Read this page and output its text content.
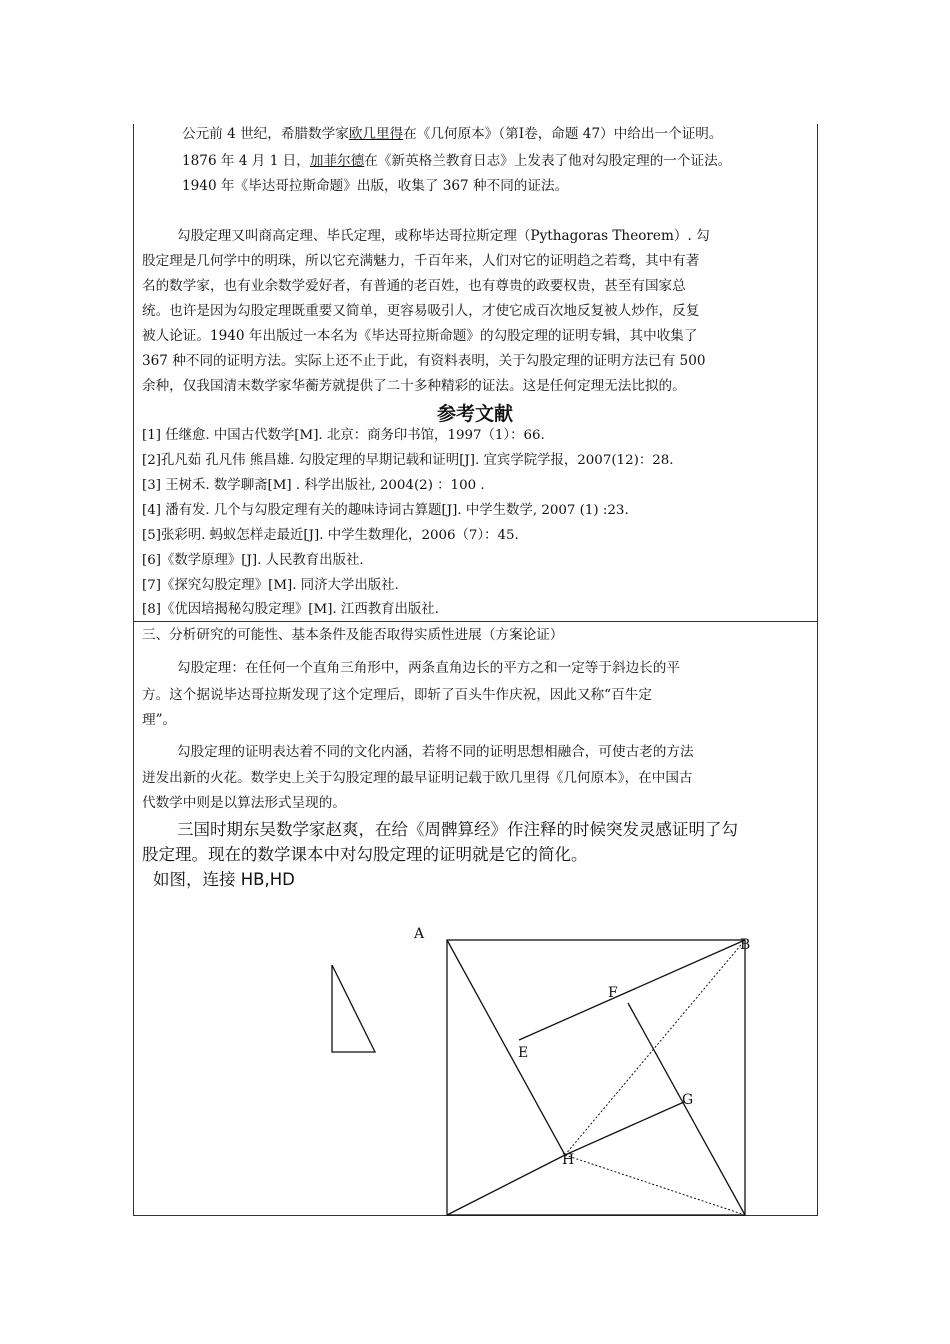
公元前 4 世纪，希腊数学家欧几里得在《几何原本》（第Ⅰ卷，命题 47）中给出一个证明。
1876 年 4 月 1 日，加菲尔德在《新英格兰教育日志》上发表了他对勾股定理的一个证法。
1940 年《毕达哥拉斯命题》出版，收集了 367 种不同的证法。
勾股定理又叫商高定理、毕氏定理，或称毕达哥拉斯定理（Pythagoras Theorem）. 勾
股定理是几何学中的明珠，所以它充满魅力，千百年来，人们对它的证明趋之若骛，其中有著
名的数学家，也有业余数学爱好者，有普通的老百姓，也有尊贵的政要权贵，甚至有国家总
统。也许是因为勾股定理既重要又简单，更容易吸引人，才使它成百次地反复被人炒作，反复
被人论证。1940 年出版过一本名为《毕达哥拉斯命题》的勾股定理的证明专辑，其中收集了
367 种不同的证明方法。实际上还不止于此，有资料表明，关于勾股定理的证明方法已有 500
余种，仅我国清末数学家华蘅芳就提供了二十多种精彩的证法。这是任何定理无法比拟的。
参考文献
[1] 任继愈. 中国古代数学[M]. 北京：商务印书馆，1997（1）：66.
[2]孔凡茹 孔凡伟 熊昌雄. 勾股定理的早期记载和证明[J]. 宜宾学院学报，2007(12)：28.
[3] 王树禾. 数学聊斋[M] . 科学出版社, 2004(2) ：100 .
[4] 潘有发. 几个与勾股定理有关的趣味诗词古算题[J]. 中学生数学, 2007 (1) :23.
[5]张彩明. 蚂蚁怎样走最近[J]. 中学生数理化，2006（7）：45.
[6]《数学原理》[J]. 人民教育出版社.
[7]《探究勾股定理》[M]. 同济大学出版社.
[8]《优因培揭秘勾股定理》[M]. 江西教育出版社.
三、分析研究的可能性、基本条件及能否取得实质性进展（方案论证）
勾股定理：在任何一个直角三角形中，两条直角边长的平方之和一定等于斜边长的平
方。这个据说毕达哥拉斯发现了这个定理后，即斩了百头牛作庆祝，因此又称“百牛定
理”。
勾股定理的证明表达着不同的文化内涵，若将不同的证明思想相融合，可使古老的方法
迸发出新的火花。数学史上关于勾股定理的最早证明记载于欧几里得《几何原本》，在中国古
代数学中则是以算法形式呈现的。
三国时期东吴数学家赵爽，在给《周髀算经》作注释的时候突发灵感证明了勾
股定理。现在的数学课本中对勾股定理的证明就是它的简化。
如图，连接 HB,HD
A
B
E
F
G
H
